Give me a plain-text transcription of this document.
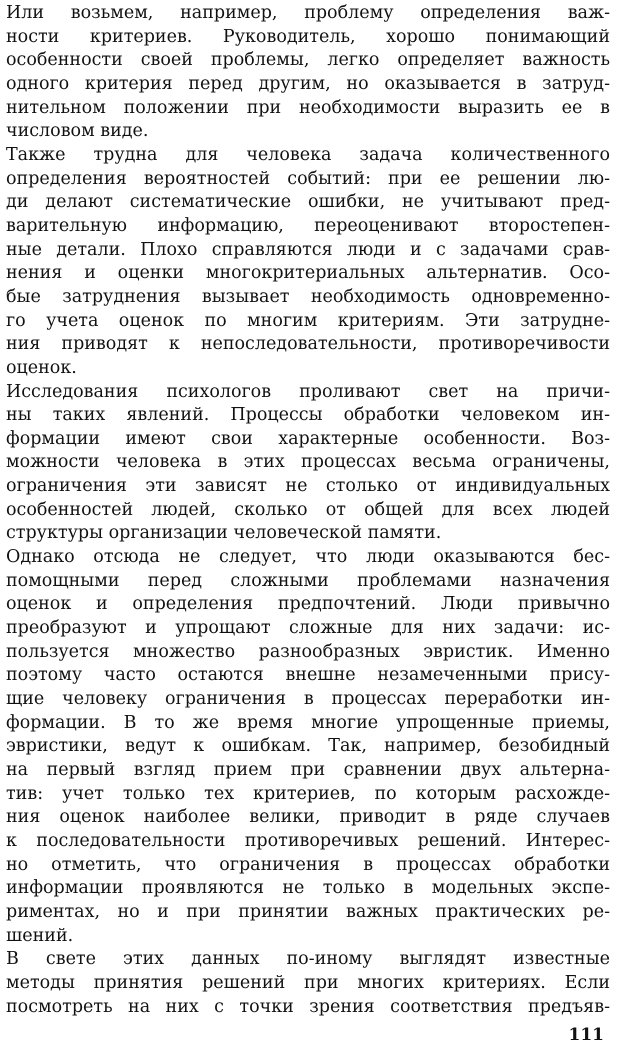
Или возьмем, например, проблему определения важ-
ности критериев. Руководитель, хорошо понимающий
особенности своей проблемы, легко определяет важность
одного критерия перед другим, но оказывается в затруд-
нительном положении при необходимости выразить ее в
числовом виде.
Также трудна для человека задача количественного
определения вероятностей событий: при ее решении лю-
ди делают систематические ошибки, не учитывают пред-
варительную информацию, переоценивают второстепен-
ные детали. Плохо справляются люди и с задачами срав-
нения и оценки многокритериальных альтернатив. Осо-
бые затруднения вызывает необходимость одновременно-
го учета оценок по многим критериям. Эти затрудне-
ния приводят к непоследовательности, противоречивости
оценок.
Исследования психологов проливают свет на причи-
ны таких явлений. Процессы обработки человеком ин-
формации имеют свои характерные особенности. Воз-
можности человека в этих процессах весьма ограничены,
ограничения эти зависят не столько от индивидуальных
особенностей людей, сколько от общей для всех людей
структуры организации человеческой памяти.
Однако отсюда не следует, что люди оказываются бес-
помощными перед сложными проблемами назначения
оценок и определения предпочтений. Люди привычно
преобразуют и упрощают сложные для них задачи: ис-
пользуется множество разнообразных эвристик. Именно
поэтому часто остаются внешне незамеченными прису-
щие человеку ограничения в процессах переработки ин-
формации. В то же время многие упрощенные приемы,
эвристики, ведут к ошибкам. Так, например, безобидный
на первый взгляд прием при сравнении двух альтерна-
тив: учет только тех критериев, по которым расхожде-
ния оценок наиболее велики, приводит в ряде случаев
к последовательности противоречивых решений. Интерес-
но отметить, что ограничения в процессах обработки
информации проявляются не только в модельных экспе-
риментах, но и при принятии важных практических ре-
шений.
В свете этих данных по-иному выглядят известные
методы принятия решений при многих критериях. Если
посмотреть на них с точки зрения соответствия предъяв-
111
